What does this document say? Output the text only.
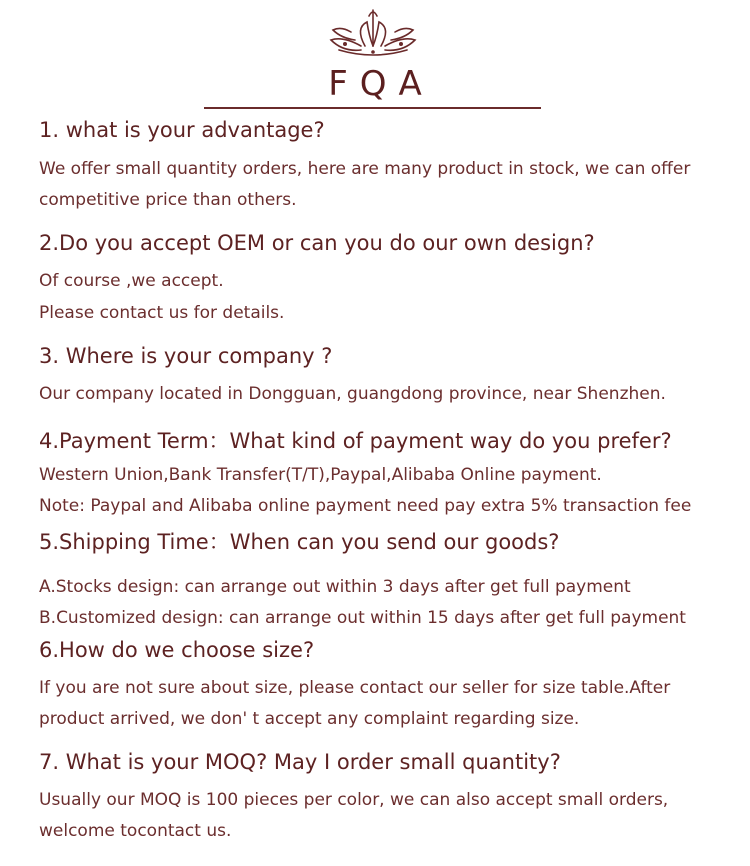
FQA
1. what is your advantage?
We offer small quantity orders, here are many product in stock, we can offer
competitive price than others.
2.Do you accept OEM or can you do our own design?
Of course ,we accept.
Please contact us for details.
3. Where is your company ?
Our company located in Dongguan, guangdong province, near Shenzhen.
4.Payment Term：What kind of payment way do you prefer?
Western Union,Bank Transfer(T/T),Paypal,Alibaba Online payment.
Note: Paypal and Alibaba online payment need pay extra 5% transaction fee
5.Shipping Time：When can you send our goods?
A.Stocks design: can arrange out within 3 days after get full payment
B.Customized design: can arrange out within 15 days after get full payment
6.How do we choose size?
If you are not sure about size, please contact our seller for size table.After
product arrived, we don' t accept any complaint regarding size.
7. What is your MOQ? May I order small quantity?
Usually our MOQ is 100 pieces per color, we can also accept small orders,
welcome tocontact us.
